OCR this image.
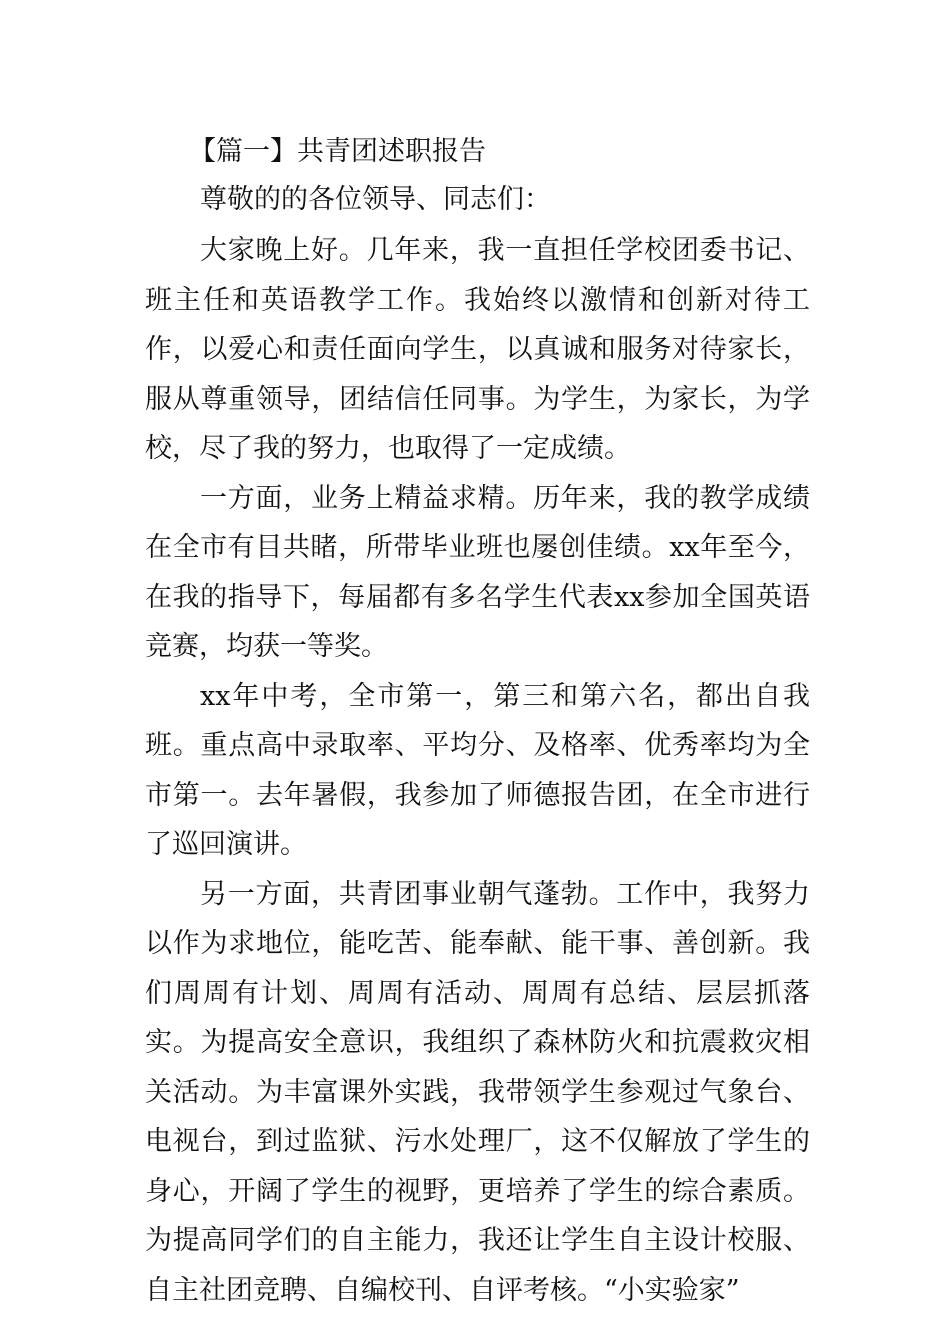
【篇一】共青团述职报告

尊敬的的各位领导、同志们：

大家晚上好。几年来，我一直担任学校团委书记、班主任和英语教学工作。我始终以激情和创新对待工作，以爱心和责任面向学生，以真诚和服务对待家长，服从尊重领导，团结信任同事。为学生，为家长，为学校，尽了我的努力，也取得了一定成绩。

一方面，业务上精益求精。历年来，我的教学成绩在全市有目共睹，所带毕业班也屡创佳绩。xx年至今，在我的指导下，每届都有多名学生代表xx参加全国英语竞赛，均获一等奖。

xx年中考，全市第一，第三和第六名，都出自我班。重点高中录取率、平均分、及格率、优秀率均为全市第一。去年暑假，我参加了师德报告团，在全市进行了巡回演讲。

另一方面，共青团事业朝气蓬勃。工作中，我努力以作为求地位，能吃苦、能奉献、能干事、善创新。我们周周有计划、周周有活动、周周有总结、层层抓落实。为提高安全意识，我组织了森林防火和抗震救灾相关活动。为丰富课外实践，我带领学生参观过气象台、电视台，到过监狱、污水处理厂，这不仅解放了学生的身心，开阔了学生的视野，更培养了学生的综合素质。为提高同学们的自主能力，我还让学生自主设计校服、自主社团竞聘、自编校刊、自评考核。“小实验家”
